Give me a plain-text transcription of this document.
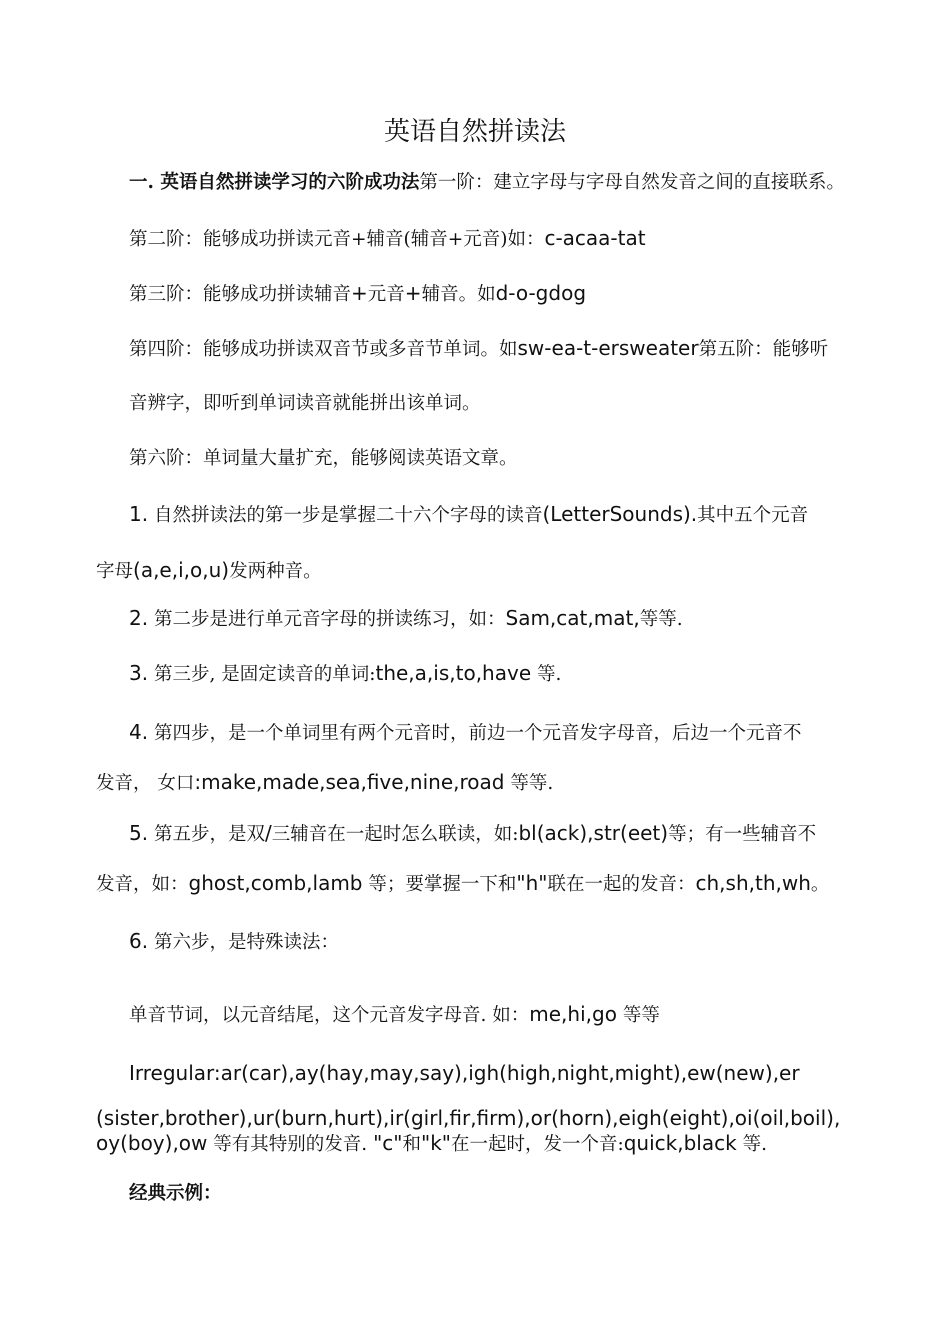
英语自然拼读法
一. 英语自然拼读学习的六阶成功法第一阶：建立字母与字母自然发音之间的直接联系。
第二阶：能够成功拼读元音+辅音(辅音+元音)如：c-acaa-tat
第三阶：能够成功拼读辅音+元音+辅音。如d-o-gdog
第四阶：能够成功拼读双音节或多音节单词。如sw-ea-t-ersweater第五阶：能够听
音辨字，即听到单词读音就能拼出该单词。
第六阶：单词量大量扩充，能够阅读英语文章。
1. 自然拼读法的第一步是掌握二十六个字母的读音(LetterSounds).其中五个元音
字母(a,e,i,o,u)发两种音。
2. 第二步是进行单元音字母的拼读练习，如：Sam,cat,mat,等等.
3. 第三步, 是固定读音的单词:the,a,is,to,have 等.
4. 第四步，是一个单词里有两个元音时，前边一个元音发字母音，后边一个元音不
发音， 女口:make,made,sea,five,nine,road 等等.
5. 第五步，是双/三辅音在一起时怎么联读，如:bl(ack),str(eet)等；有一些辅音不
发音，如：ghost,comb,lamb 等；要掌握一下和"h"联在一起的发音：ch,sh,th,wh。
6. 第六步，是特殊读法：
单音节词，以元音结尾，这个元音发字母音. 如：me,hi,go 等等
Irregular:ar(car),ay(hay,may,say),igh(high,night,might),ew(new),er
(sister,brother),ur(burn,hurt),ir(girl,fir,firm),or(horn),eigh(eight),oi(oil,boil),
oy(boy),ow 等有其特别的发音. "c"和"k"在一起时，发一个音:quick,black 等.
经典示例：
